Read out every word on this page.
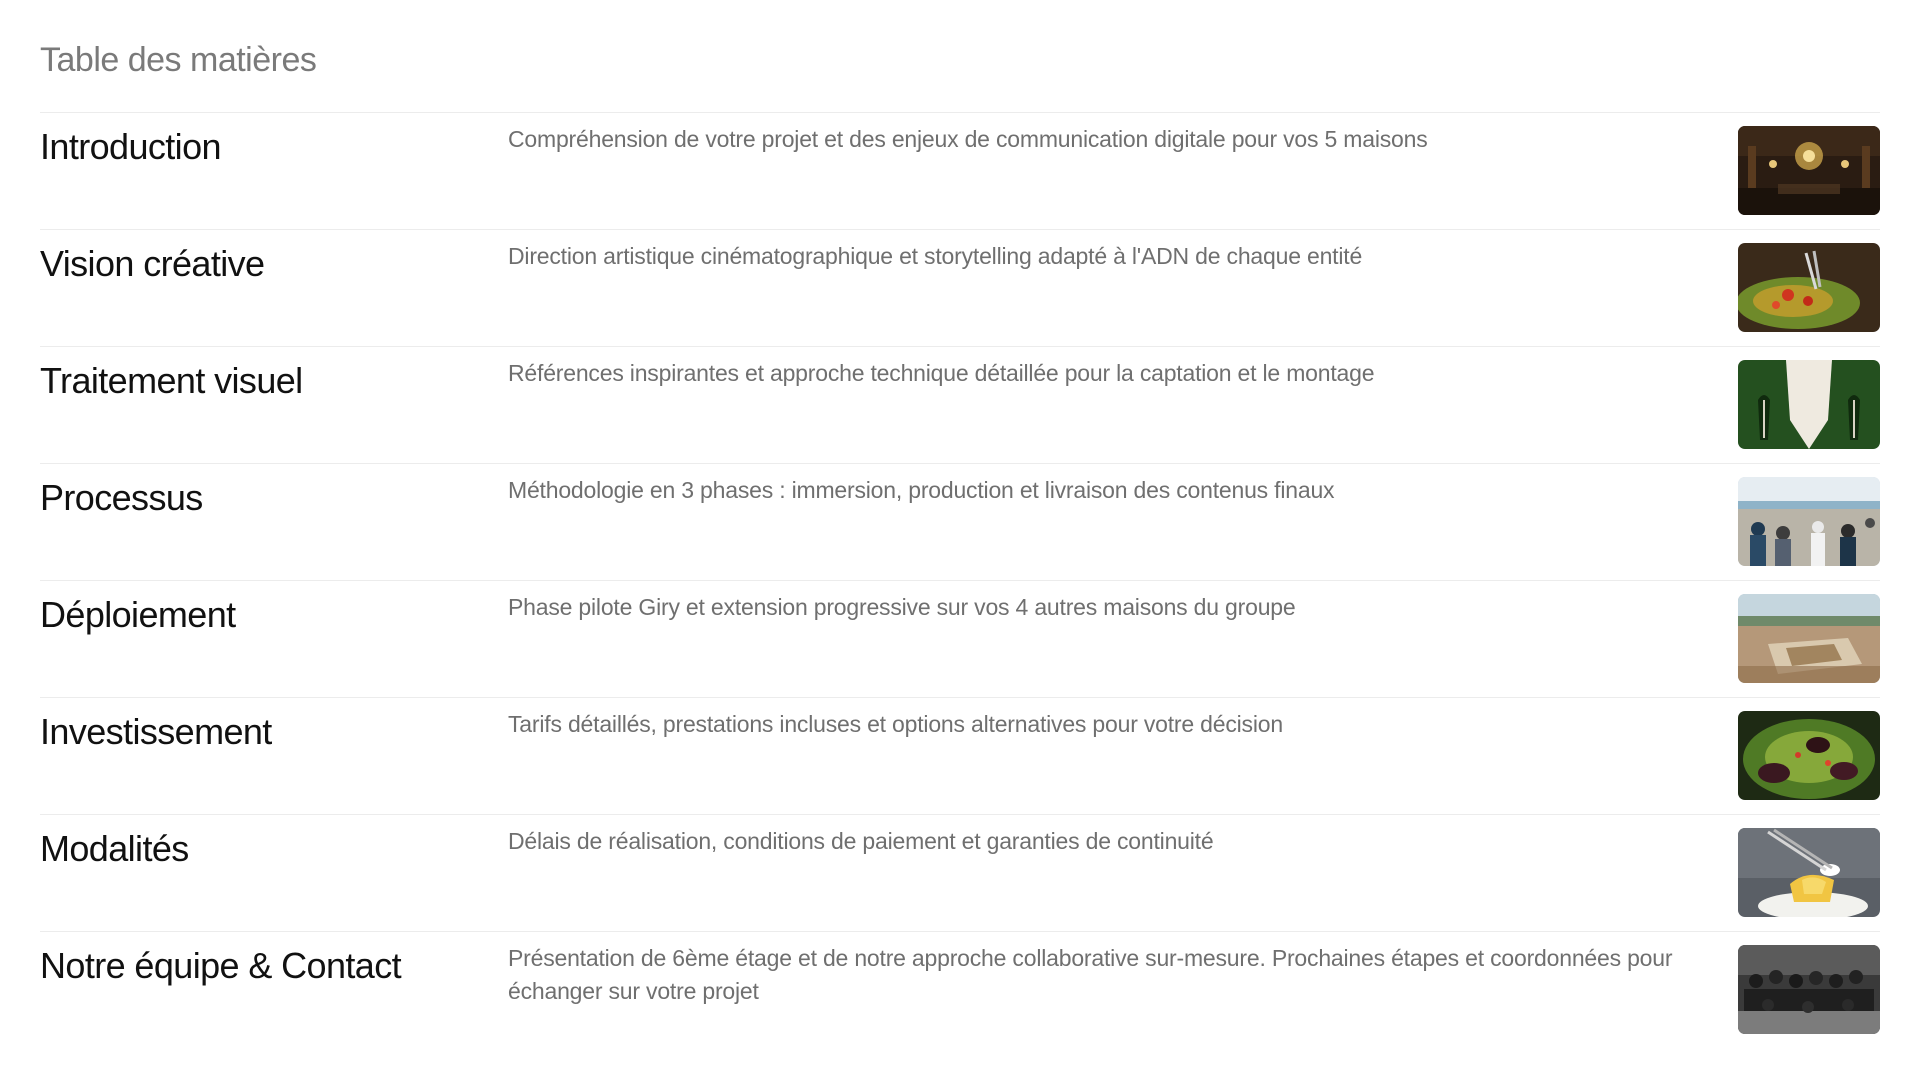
Table des matières
Introduction	Compréhension de votre projet et des enjeux de communication digitale pour vos 5 maisons
Vision créative	Direction artistique cinématographique et storytelling adapté à l'ADN de chaque entité
Traitement visuel	Références inspirantes et approche technique détaillée pour la captation et le montage
Processus	Méthodologie en 3 phases : immersion, production et livraison des contenus finaux
Déploiement	Phase pilote Giry et extension progressive sur vos 4 autres maisons du groupe
Investissement	Tarifs détaillés, prestations incluses et options alternatives pour votre décision
Modalités	Délais de réalisation, conditions de paiement et garanties de continuité
Notre équipe & Contact	Présentation de 6ème étage et de notre approche collaborative sur-mesure. Prochaines étapes et coordonnées pour échanger sur votre projet
